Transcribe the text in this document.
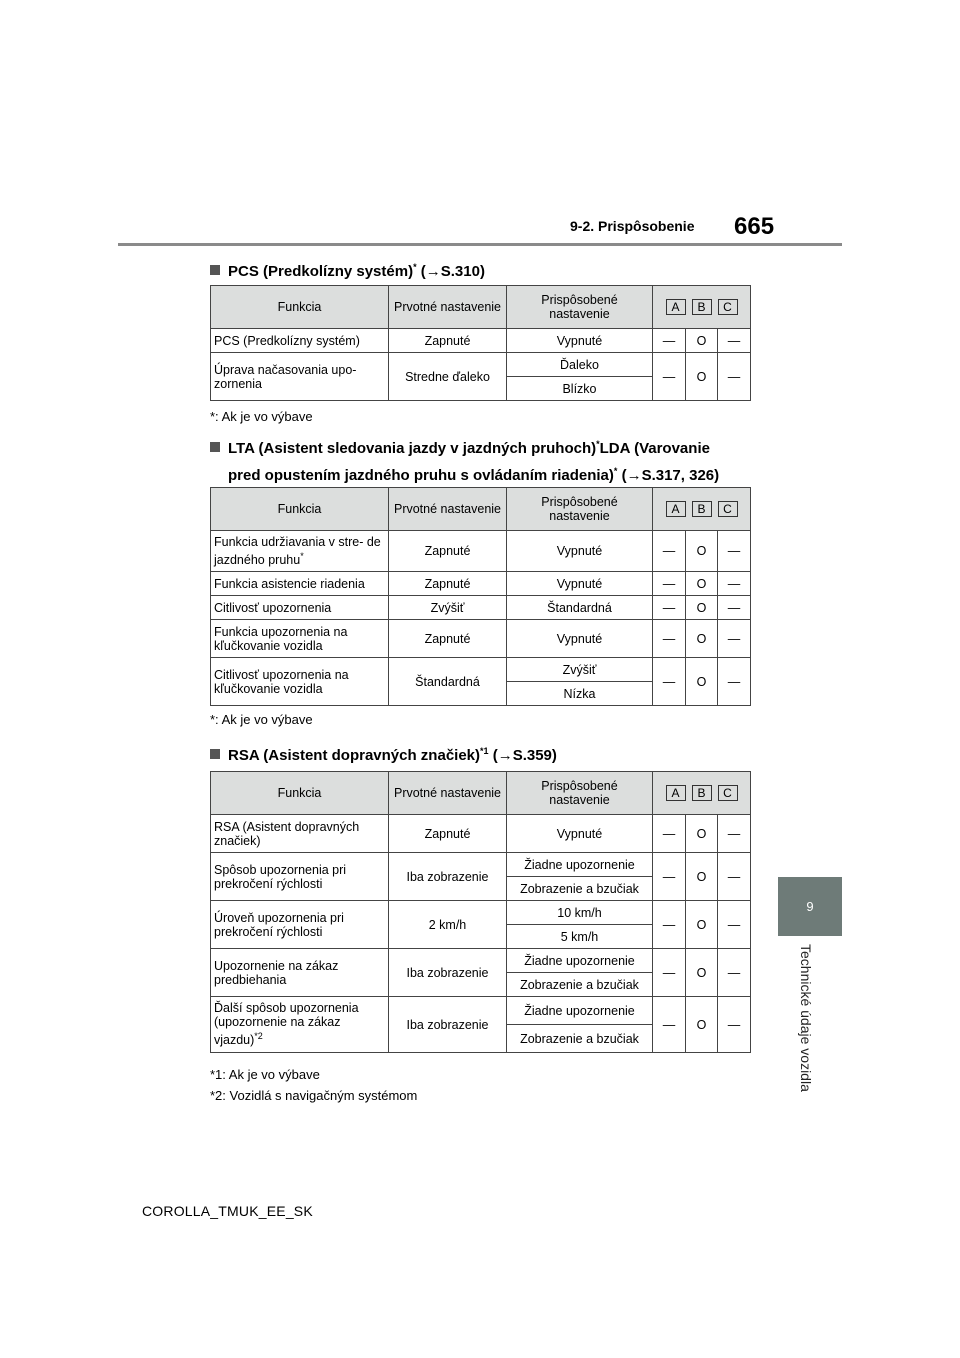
9-2. Prispôsobenie 665
9
Technické údaje vozidla
PCS (Predkolízny systém)* (→S.310)
Funkcia	Prvotné nastavenie	Prispôsobené nastavenie	A B C		
PCS (Predkolízny systém)	Zapnuté	Vypnuté	—	O	—
Úprava načasovania upo- zornenia	Stredne ďaleko	Ďaleko	—	O	—
		Blízko			
*: Ak je vo výbave
LTA (Asistent sledovania jazdy v jazdných pruhoch)*LDA (Varovanie
pred opustením jazdného pruhu s ovládaním riadenia)* (→S.317, 326)
Funkcia	Prvotné nastavenie	Prispôsobené nastavenie	A B C		
Funkcia udržiavania v stre- de jazdného pruhu*	Zapnuté	Vypnuté	—	O	—
Funkcia asistencie riadenia	Zapnuté	Vypnuté	—	O	—
Citlivosť upozornenia	Zvýšiť	Štandardná	—	O	—
Funkcia upozornenia na kľučkovanie vozidla	Zapnuté	Vypnuté	—	O	—
Citlivosť upozornenia na kľučkovanie vozidla	Štandardná	Zvýšiť	—	O	—
		Nízka			
*: Ak je vo výbave
RSA (Asistent dopravných značiek)$^{*1}$ (→S.359)
Funkcia	Prvotné nastavenie	Prispôsobené nastavenie	A B C		
RSA (Asistent dopravných značiek)	Zapnuté	Vypnuté	—	O	—
Spôsob upozornenia pri prekročení rýchlosti	Iba zobrazenie	Žiadne upozornenie	—	O	—
		Zobrazenie a bzučiak			
Úroveň upozornenia pri prekročení rýchlosti	2 km/h	10 km/h	—	O	—
		5 km/h			
Upozornenie na zákaz predbiehania	Iba zobrazenie	Žiadne upozornenie	—	O	—
		Zobrazenie a bzučiak			
Ďalší spôsob upozornenia (upozornenie na zákaz vjazdu)$^{*2}$	Iba zobrazenie	Žiadne upozornenie	—	O	—
		Zobrazenie a bzučiak			
*1: Ak je vo výbave
*2: Vozidlá s navigačným systémom
COROLLA_TMUK_EE_SK
